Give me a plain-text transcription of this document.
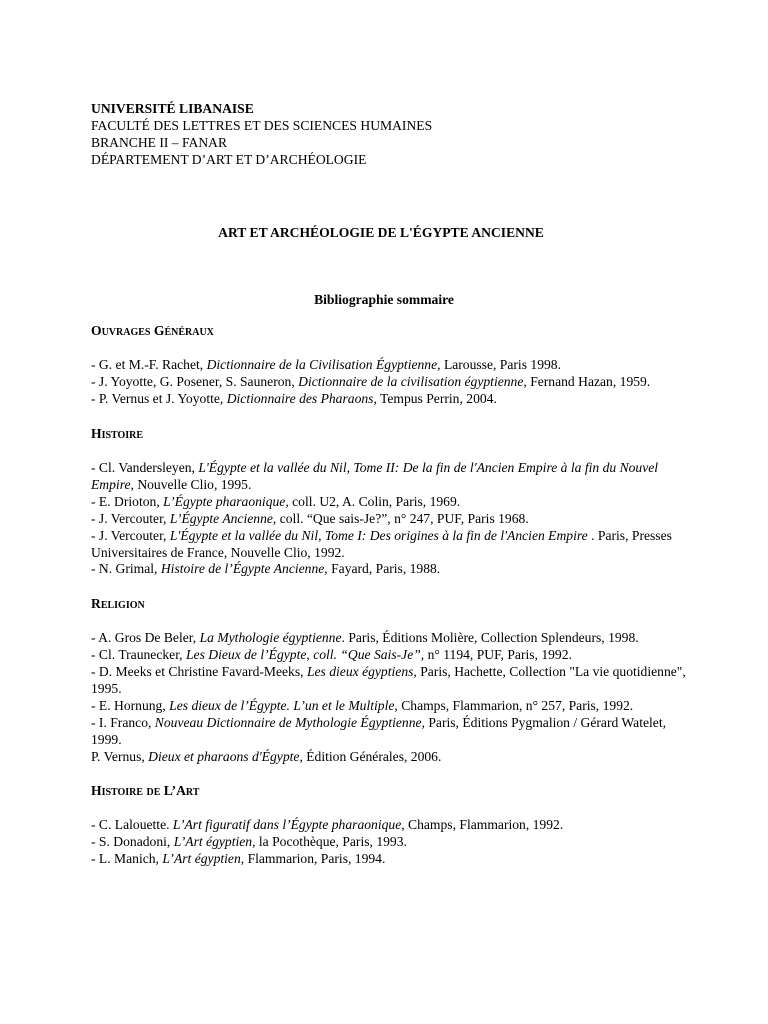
UNIVERSITÉ LIBANAISE
FACULTÉ DES LETTRES ET DES SCIENCES HUMAINES
BRANCHE II – FANAR
DÉPARTEMENT D’ART ET D’ARCHÉOLOGIE
ART ET ARCHÉOLOGIE DE L'ÉGYPTE ANCIENNE
Bibliographie sommaire
Ouvrages Généraux
- G. et M.-F. Rachet, Dictionnaire de la Civilisation Égyptienne, Larousse, Paris 1998.
- J. Yoyotte, G. Posener, S. Sauneron, Dictionnaire de la civilisation égyptienne, Fernand Hazan, 1959.
- P. Vernus et J. Yoyotte, Dictionnaire des Pharaons, Tempus Perrin, 2004.
Histoire
- Cl. Vandersleyen, L'Égypte et la vallée du Nil, Tome II: De la fin de l'Ancien Empire à la fin du Nouvel Empire, Nouvelle Clio, 1995.
- E. Drioton, L’Égypte pharaonique, coll. U2, A. Colin, Paris, 1969.
- J. Vercouter, L’Égypte Ancienne, coll. “Que sais-Je?”, n° 247, PUF, Paris 1968.
- J. Vercouter, L'Égypte et la vallée du Nil, Tome I: Des origines à la fin de l'Ancien Empire . Paris, Presses Universitaires de France, Nouvelle Clio, 1992.
- N. Grimal, Histoire de l’Égypte Ancienne, Fayard, Paris, 1988.
Religion
- A. Gros De Beler, La Mythologie égyptienne. Paris, Éditions Molière, Collection Splendeurs, 1998.
- Cl. Traunecker, Les Dieux de l’Égypte, coll. “Que Sais-Je”, n° 1194, PUF, Paris, 1992.
- D. Meeks et Christine Favard-Meeks, Les dieux égyptiens, Paris, Hachette, Collection "La vie quotidienne", 1995.
- E. Hornung, Les dieux de l’Égypte. L’un et le Multiple, Champs, Flammarion, n° 257, Paris, 1992.
- I. Franco, Nouveau Dictionnaire de Mythologie Égyptienne, Paris, Éditions Pygmalion / Gérard Watelet, 1999.
P. Vernus, Dieux et pharaons d'Égypte, Édition Générales, 2006.
Histoire de L’Art
- C. Lalouette. L’Art figuratif dans l’Égypte pharaonique, Champs, Flammarion, 1992.
- S. Donadoni, L’Art égyptien, la Pocothèque, Paris, 1993.
- L. Manich, L’Art égyptien, Flammarion, Paris, 1994.
